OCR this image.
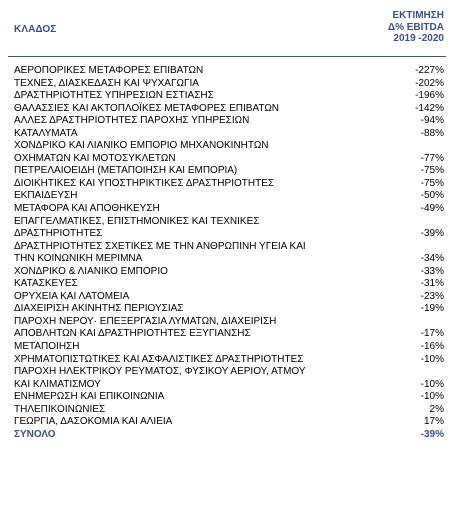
ΚΛΑΔΟΣ
ΕΚΤΙΜΗΣΗ
Δ% EBITDA
2019 -2020
ΑΕΡΟΠΟΡΙΚΕΣ ΜΕΤΑΦΟΡΕΣ ΕΠΙΒΑΤΩΝ	-227%
ΤΕΧΝΕΣ, ΔΙΑΣΚΕΔΑΣΗ ΚΑΙ ΨΥΧΑΓΩΓΙΑ	-202%
ΔΡΑΣΤΗΡΙΟΤΗΤΕΣ ΥΠΗΡΕΣΙΩΝ ΕΣΤΙΑΣΗΣ	-196%
ΘΑΛΑΣΣΙΕΣ ΚΑΙ ΑΚΤΟΠΛΟΪΚΕΣ ΜΕΤΑΦΟΡΕΣ ΕΠΙΒΑΤΩΝ	-142%
ΑΛΛΕΣ ΔΡΑΣΤΗΡΙΟΤΗΤΕΣ ΠΑΡΟΧΗΣ ΥΠΗΡΕΣΙΩΝ	-94%
ΚΑΤΑΛΥΜΑΤΑ	-88%
ΧΟΝΔΡΙΚΟ ΚΑΙ ΛΙΑΝΙΚΟ ΕΜΠΟΡΙΟ ΜΗΧΑΝΟΚΙΝΗΤΩΝ
ΟΧΗΜΑΤΩΝ ΚΑΙ ΜΟΤΟΣΥΚΛΕΤΩΝ	-77%
ΠΕΤΡΕΛΑΙΟΕΙΔΗ (ΜΕΤΑΠΟΙΗΣΗ ΚΑΙ ΕΜΠΟΡΙΑ)	-75%
ΔΙΟΙΚΗΤΙΚΕΣ ΚΑΙ ΥΠΟΣΤΗΡΙΚΤΙΚΕΣ ΔΡΑΣΤΗΡΙΟΤΗΤΕΣ	-75%
ΕΚΠΑΙΔΕΥΣΗ	-50%
ΜΕΤΑΦΟΡΑ ΚΑΙ ΑΠΟΘΗΚΕΥΣΗ	-49%
ΕΠΑΓΓΕΛΜΑΤΙΚΕΣ, ΕΠΙΣΤΗΜΟΝΙΚΕΣ ΚΑΙ ΤΕΧΝΙΚΕΣ
ΔΡΑΣΤΗΡΙΟΤΗΤΕΣ	-39%
ΔΡΑΣΤΗΡΙΟΤΗΤΕΣ ΣΧΕΤΙΚΕΣ ΜΕ ΤΗΝ ΑΝΘΡΩΠΙΝΗ ΥΓΕΙΑ ΚΑΙ
ΤΗΝ ΚΟΙΝΩΝΙΚΗ ΜΕΡΙΜΝΑ	-34%
ΧΟΝΔΡΙΚΟ & ΛΙΑΝΙΚΟ ΕΜΠΟΡΙΟ	-33%
ΚΑΤΑΣΚΕΥΕΣ	-31%
ΟΡΥΧΕΙΑ ΚΑΙ ΛΑΤΟΜΕΙΑ	-23%
ΔΙΑΧΕΙΡΙΣΗ ΑΚΙΝΗΤΗΣ ΠΕΡΙΟΥΣΙΑΣ	-19%
ΠΑΡΟΧΗ ΝΕΡΟΥ· ΕΠΕΞΕΡΓΑΣΙΑ ΛΥΜΑΤΩΝ, ΔΙΑΧΕΙΡΙΣΗ
ΑΠΟΒΛΗΤΩΝ ΚΑΙ ΔΡΑΣΤΗΡΙΟΤΗΤΕΣ ΕΞΥΓΙΑΝΣΗΣ	-17%
ΜΕΤΑΠΟΙΗΣΗ	-16%
ΧΡΗΜΑΤΟΠΙΣΤΩΤΙΚΕΣ ΚΑΙ ΑΣΦΑΛΙΣΤΙΚΕΣ ΔΡΑΣΤΗΡΙΟΤΗΤΕΣ	-10%
ΠΑΡΟΧΗ ΗΛΕΚΤΡΙΚΟΥ ΡΕΥΜΑΤΟΣ, ΦΥΣΙΚΟΥ ΑΕΡΙΟΥ, ΑΤΜΟΥ
ΚΑΙ ΚΛΙΜΑΤΙΣΜΟΥ	-10%
ΕΝΗΜΕΡΩΣΗ ΚΑΙ ΕΠΙΚΟΙΝΩΝΙΑ	-10%
ΤΗΛΕΠΙΚΟΙΝΩΝΙΕΣ	2%
ΓΕΩΡΓΙΑ, ΔΑΣΟΚΟΜΙΑ ΚΑΙ ΑΛΙΕΙΑ	17%
ΣΥΝΟΛΟ	-39%
